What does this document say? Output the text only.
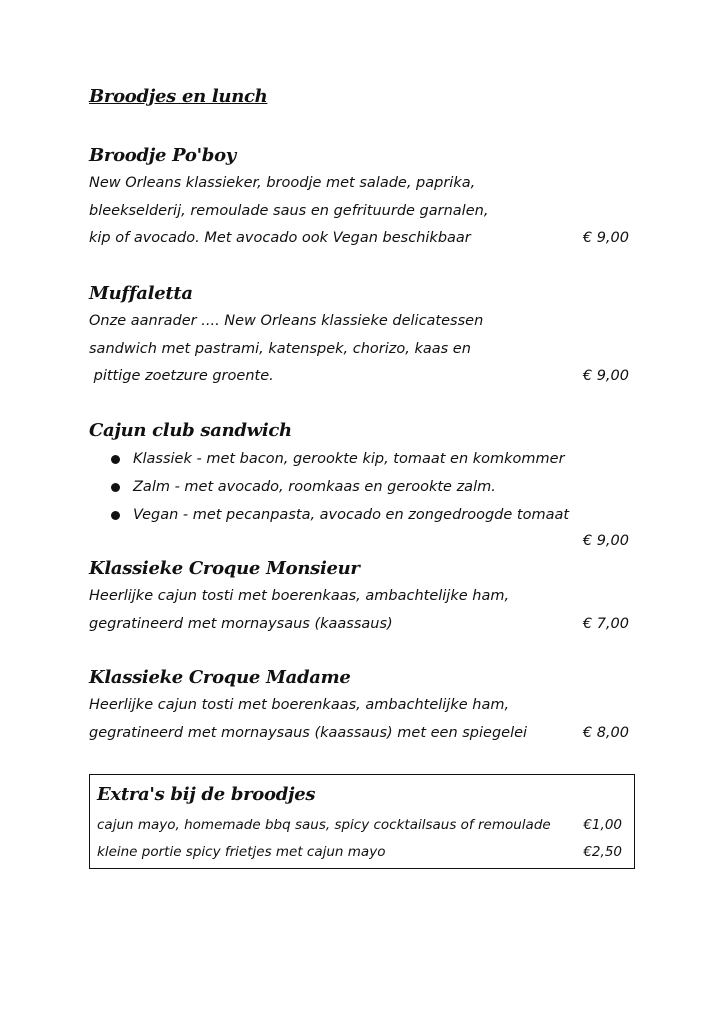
Broodjes en lunch
Broodje Po'boy
New Orleans klassieker, broodje met salade, paprika,
bleekselderij, remoulade saus en gefrituurde garnalen,
kip of avocado. Met avocado ook Vegan beschikbaar	€ 9,00
Muffaletta
Onze aanrader .... New Orleans klassieke delicatessen
sandwich met pastrami, katenspek, chorizo, kaas en
pittige zoetzure groente.	€ 9,00
Cajun club sandwich
Klassiek - met bacon, gerookte kip, tomaat en komkommer
Zalm - met avocado, roomkaas en gerookte zalm.
Vegan - met pecanpasta, avocado en zongedroogde tomaat
€ 9,00
Klassieke Croque Monsieur
Heerlijke cajun tosti met boerenkaas, ambachtelijke ham,
gegratineerd met mornaysaus (kaassaus)	€ 7,00
Klassieke Croque Madame
Heerlijke cajun tosti met boerenkaas, ambachtelijke ham,
gegratineerd met mornaysaus (kaassaus) met een spiegelei	€ 8,00
Extra's bij de broodjes
cajun mayo, homemade bbq saus, spicy cocktailsaus of remoulade €1,00
kleine portie spicy frietjes met cajun mayo	€2,50
